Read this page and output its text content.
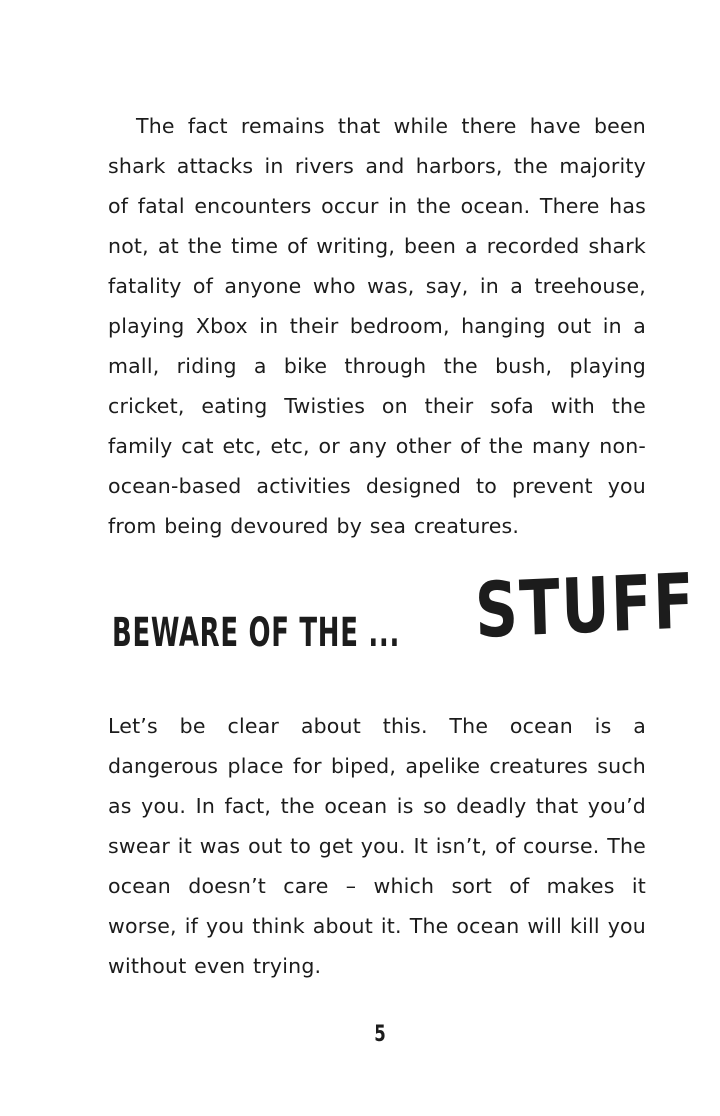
The fact remains that while there have been shark attacks in rivers and harbors, the majority of fatal encounters occur in the ocean. There has not, at the time of writing, been a recorded shark fatality of anyone who was, say, in a treehouse, playing Xbox in their bedroom, hanging out in a mall, riding a bike through the bush, playing cricket, eating Twisties on their sofa with the family cat etc, etc, or any other of the many non-ocean-based activities designed to prevent you from being devoured by sea creatures.

BEWARE OF THE ... STUFF

Let’s be clear about this. The ocean is a dangerous place for biped, apelike creatures such as you. In fact, the ocean is so deadly that you’d swear it was out to get you. It isn’t, of course. The ocean doesn’t care – which sort of makes it worse, if you think about it. The ocean will kill you without even trying.

5
